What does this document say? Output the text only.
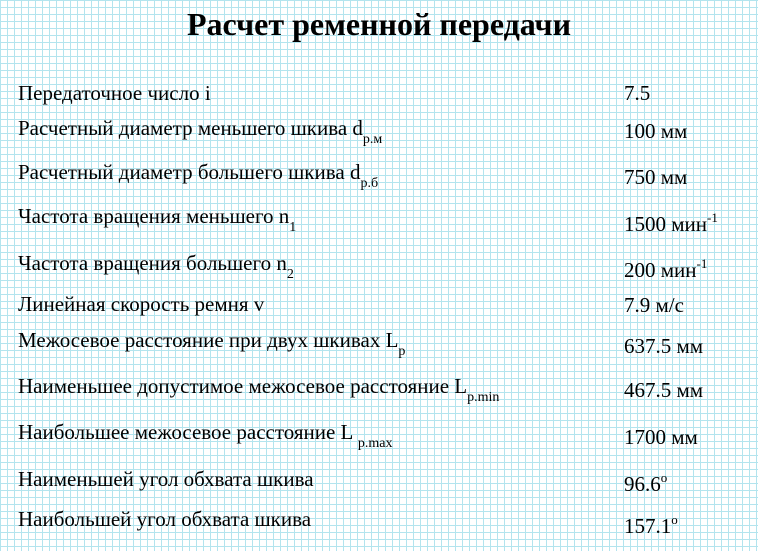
Расчет ременной передачи
Передаточное число i	7.5
Расчетный диаметр меньшего шкива $d_{р.м}$	100 мм
Расчетный диаметр большего шкива $d_{р.б}$	750 мм
Частота вращения меньшего $n_1$	1500 мин$^{-1}$
Частота вращения большего $n_2$	200 мин$^{-1}$
Линейная скорость ремня v	7.9 м/с
Межосевое расстояние при двух шкивах $L_р$	637.5 мм
Наименьшее допустимое межосевое расстояние $L_{p.min}$	467.5 мм
Наибольшее межосевое расстояние L $_{p.max}$	1700 мм
Наименьшей угол обхвата шкива	$96.6^о$
Наибольшей угол обхвата шкива	$157.1^о$
